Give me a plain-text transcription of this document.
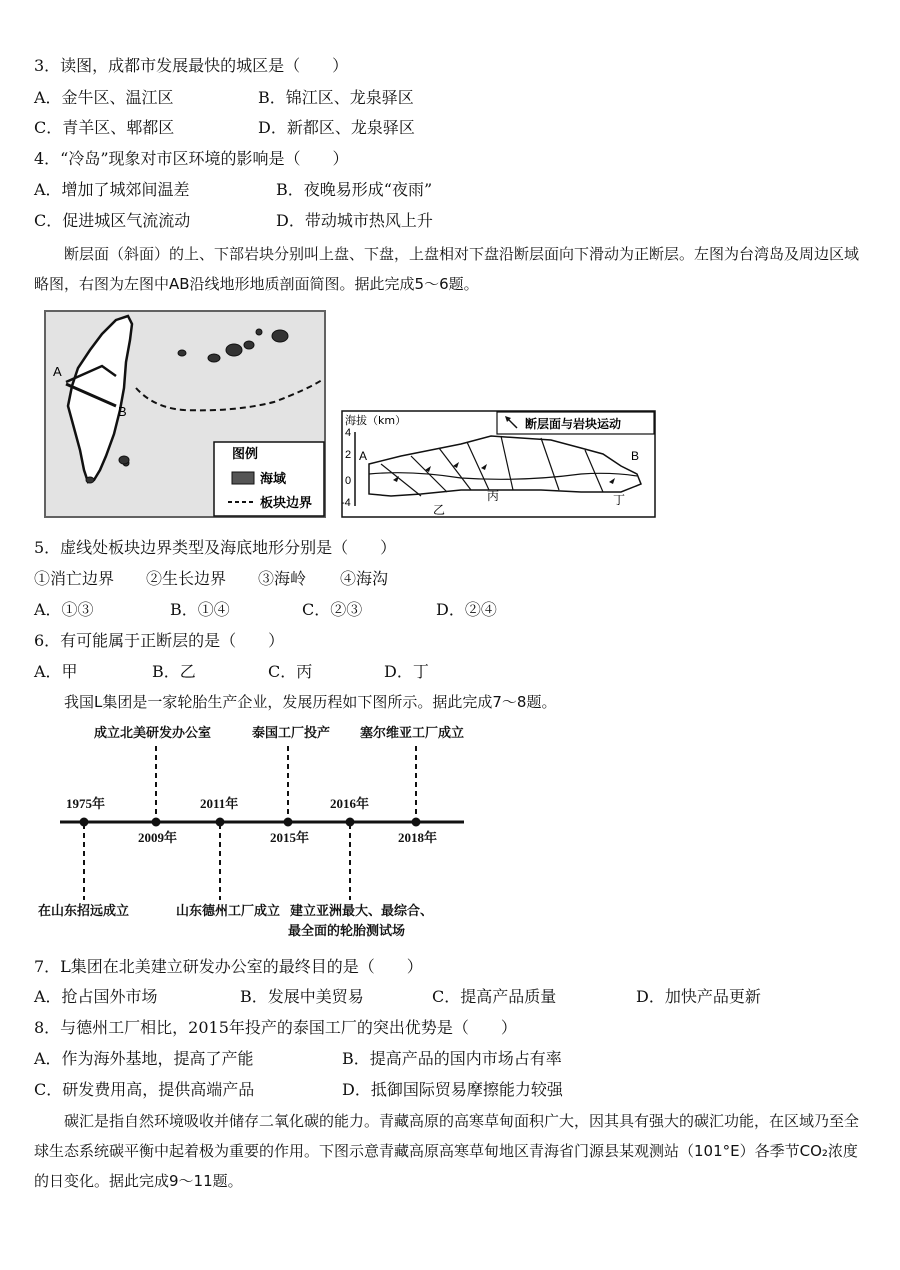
3．读图，成都市发展最快的城区是（　　）
A．金牛区、温江区	B．锦江区、龙泉驿区
C．青羊区、郫都区	D．新都区、龙泉驿区
4．“冷岛”现象对市区环境的影响是（　　）
A．增加了城郊间温差	B．夜晚易形成“夜雨”
C．促进城区气流流动	D．带动城市热风上升
断层面（斜面）的上、下部岩块分别叫上盘、下盘，上盘相对下盘沿断层面向下滑动为正断层。左图为台湾岛及周边区域略图，右图为左图中AB沿线地形地质剖面简图。据此完成5～6题。
A
B
图例
海域
板块边界
海拔（km）	断层面与岩块运动
4
2
0
-4
A	B
乙
丙	丁
5．虚线处板块边界类型及海底地形分别是（　　）
①消亡边界 ②生长边界 ③海岭 ④海沟
A．①③	B．①④	C．②③	D．②④
6．有可能属于正断层的是（　　）
A．甲	B．乙	C．丙	D．丁
我国L集团是一家轮胎生产企业，发展历程如下图所示。据此完成7～8题。
1975年
2009年
2011年
2015年
2016年
2018年
成立北美研发办公室	泰国工厂投产 塞尔维亚工厂成立
在山东招远成立	山东德州工厂成立 建立亚洲最大、最综合、
最全面的轮胎测试场
7．L集团在北美建立研发办公室的最终目的是（　　）
A．抢占国外市场	B．发展中美贸易	C．提高产品质量	D．加快产品更新
8．与德州工厂相比，2015年投产的泰国工厂的突出优势是（　　）
A．作为海外基地，提高了产能	B．提高产品的国内市场占有率
C．研发费用高，提供高端产品	D．抵御国际贸易摩擦能力较强
碳汇是指自然环境吸收并储存二氧化碳的能力。青藏高原的高寒草甸面积广大，因其具有强大的碳汇功能，在区域乃至全球生态系统碳平衡中起着极为重要的作用。下图示意青藏高原高寒草甸地区青海省门源县某观测站（101°E）各季节CO₂浓度的日变化。据此完成9～11题。
